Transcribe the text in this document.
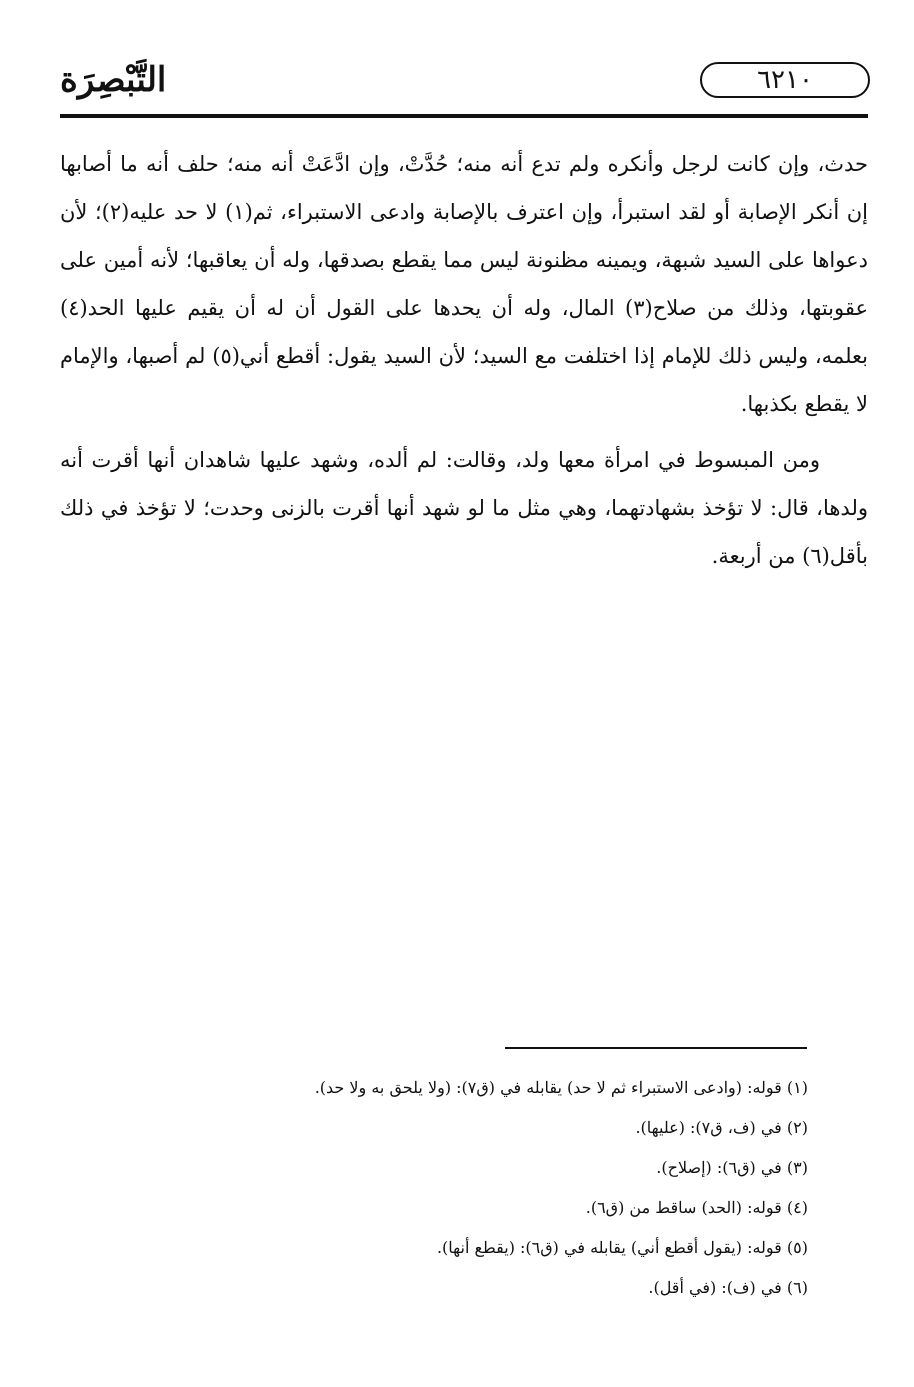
التَّبْصِرَة	٦٢١٠

حدث، وإن كانت لرجل وأنكره ولم تدع أنه منه؛ حُدَّتْ، وإن ادَّعَتْ أنه منه؛ حلف أنه ما أصابها إن أنكر الإصابة أو لقد استبرأ، وإن اعترف بالإصابة وادعى الاستبراء، ثم(١) لا حد عليه(٢)؛ لأن دعواها على السيد شبهة، ويمينه مظنونة ليس مما يقطع بصدقها، وله أن يعاقبها؛ لأنه أمين على عقوبتها، وذلك من صلاح(٣) المال، وله أن يحدها على القول أن له أن يقيم عليها الحد(٤) بعلمه، وليس ذلك للإمام إذا اختلفت مع السيد؛ لأن السيد يقول: أقطع أني(٥) لم أصبها، والإمام لا يقطع بكذبها.

ومن المبسوط في امرأة معها ولد، وقالت: لم ألده، وشهد عليها شاهدان أنها أقرت أنه ولدها، قال: لا تؤخذ بشهادتهما، وهي مثل ما لو شهد أنها أقرت بالزنى وحدت؛ لا تؤخذ في ذلك بأقل(٦) من أربعة.

(١) قوله: (وادعى الاستبراء ثم لا حد) يقابله في (ق٧): (ولا يلحق به ولا حد).
(٢) في (ف، ق٧): (عليها).
(٣) في (ق٦): (إصلاح).
(٤) قوله: (الحد) ساقط من (ق٦).
(٥) قوله: (يقول أقطع أني) يقابله في (ق٦): (يقطع أنها).
(٦) في (ف): (في أقل).
